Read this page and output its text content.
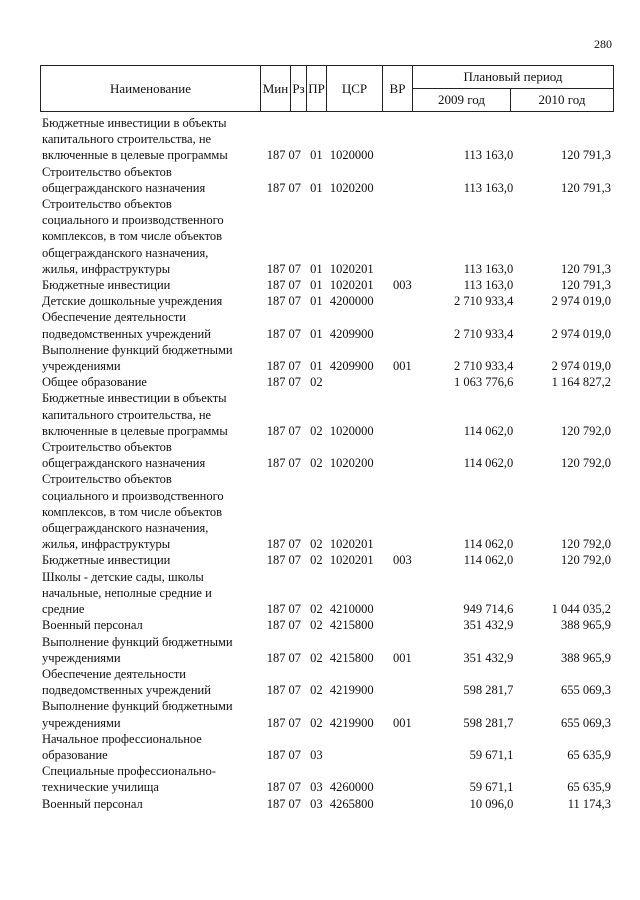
280
Наименование	Мин	Рз	ПР	ЦСР	ВР	Плановый период	
						2009 год	2010 год
Бюджетные инвестиции в объекты
капитального строительства, не
включенные в целевые программы	187 07 01 1020000	113 163,0	120 791,3
Строительство объектов
общегражданского назначения	187 07 01 1020200	113 163,0	120 791,3
Строительство объектов
социального и производственного
комплексов, в том числе объектов
общегражданского назначения,
жилья, инфраструктуры	187 07 01 1020201	113 163,0	120 791,3
Бюджетные инвестиции	187 07 01 1020201	003	113 163,0	120 791,3
Детские дошкольные учреждения	187 07 01 4200000	2 710 933,4	2 974 019,0
Обеспечение деятельности
подведомственных учреждений	187 07 01 4209900	2 710 933,4	2 974 019,0
Выполнение функций бюджетными
учреждениями	187 07 01 4209900	001	2 710 933,4	2 974 019,0
Общее образование	187 07 02	1 063 776,6	1 164 827,2
Бюджетные инвестиции в объекты
капитального строительства, не
включенные в целевые программы	187 07 02 1020000	114 062,0	120 792,0
Строительство объектов
общегражданского назначения	187 07 02 1020200	114 062,0	120 792,0
Строительство объектов
социального и производственного
комплексов, в том числе объектов
общегражданского назначения,
жилья, инфраструктуры	187 07 02 1020201	114 062,0	120 792,0
Бюджетные инвестиции	187 07 02 1020201	003	114 062,0	120 792,0
Школы - детские сады, школы
начальные, неполные средние и
средние	187 07 02 4210000	949 714,6	1 044 035,2
Военный персонал	187 07 02 4215800	351 432,9	388 965,9
Выполнение функций бюджетными
учреждениями	187 07 02 4215800	001	351 432,9	388 965,9
Обеспечение деятельности
подведомственных учреждений	187 07 02 4219900	598 281,7	655 069,3
Выполнение функций бюджетными
учреждениями	187 07 02 4219900	001	598 281,7	655 069,3
Начальное профессиональное
образование	187 07 03	59 671,1	65 635,9
Специальные профессионально-
технические училища	187 07 03 4260000	59 671,1	65 635,9
Военный персонал	187 07 03 4265800	10 096,0	11 174,3
